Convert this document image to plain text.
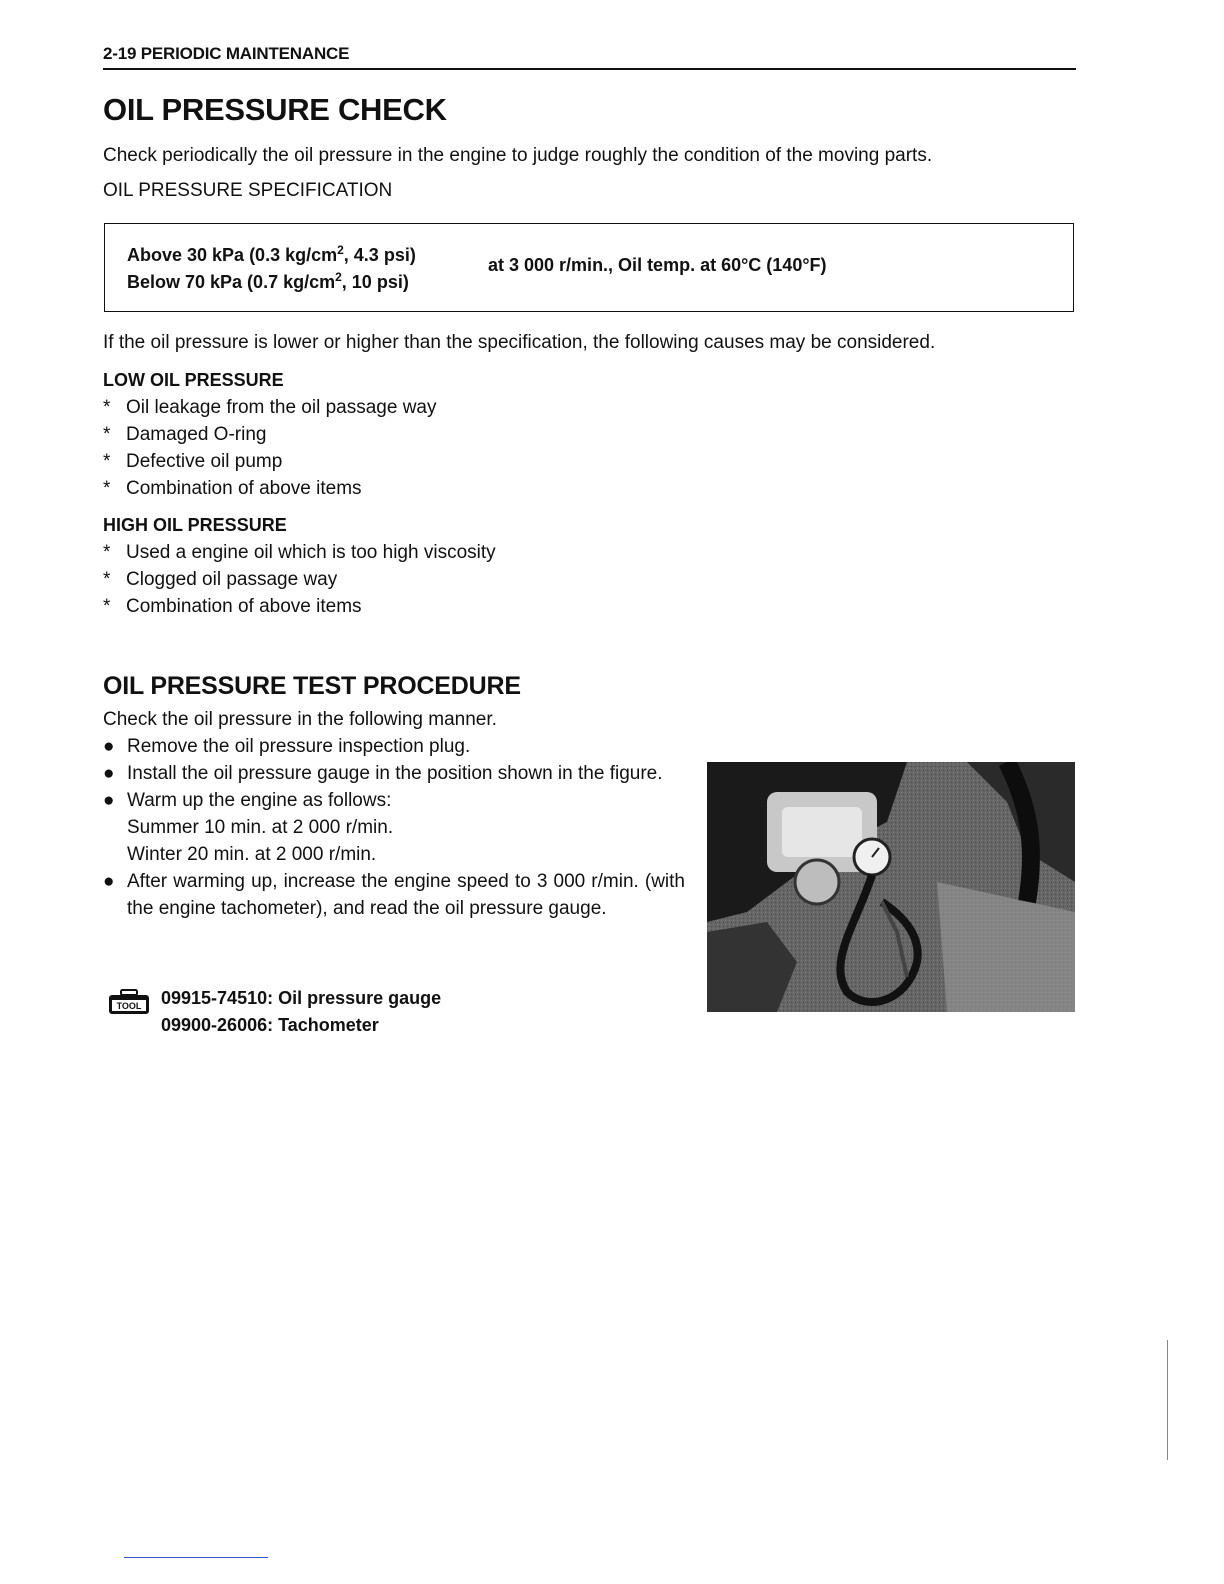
2-19 PERIODIC MAINTENANCE
OIL PRESSURE CHECK
Check periodically the oil pressure in the engine to judge roughly the condition of the moving parts.
OIL PRESSURE SPECIFICATION
Above 30 kPa (0.3 $kg/cm^2$, 4.3 psi)
Below 70 kPa (0.7 $kg/cm^2$, 10 psi)
at 3 000 r/min., Oil temp. at 60°C (140°F)
If the oil pressure is lower or higher than the specification, the following causes may be considered.
LOW OIL PRESSURE
* Oil leakage from the oil passage way
* Damaged O-ring
* Defective oil pump
* Combination of above items
HIGH OIL PRESSURE
* Used a engine oil which is too high viscosity
* Clogged oil passage way
* Combination of above items
OIL PRESSURE TEST PROCEDURE
Check the oil pressure in the following manner.
● Remove the oil pressure inspection plug.
● Install the oil pressure gauge in the position shown in the figure.
● Warm up the engine as follows:
Summer 10 min. at 2 000 r/min.
Winter 20 min. at 2 000 r/min.
● After warming up, increase the engine speed to 3 000 r/min. (with the engine tachometer), and read the oil pressure gauge.
TOOL 09915-74510: Oil pressure gauge
09900-26006: Tachometer
